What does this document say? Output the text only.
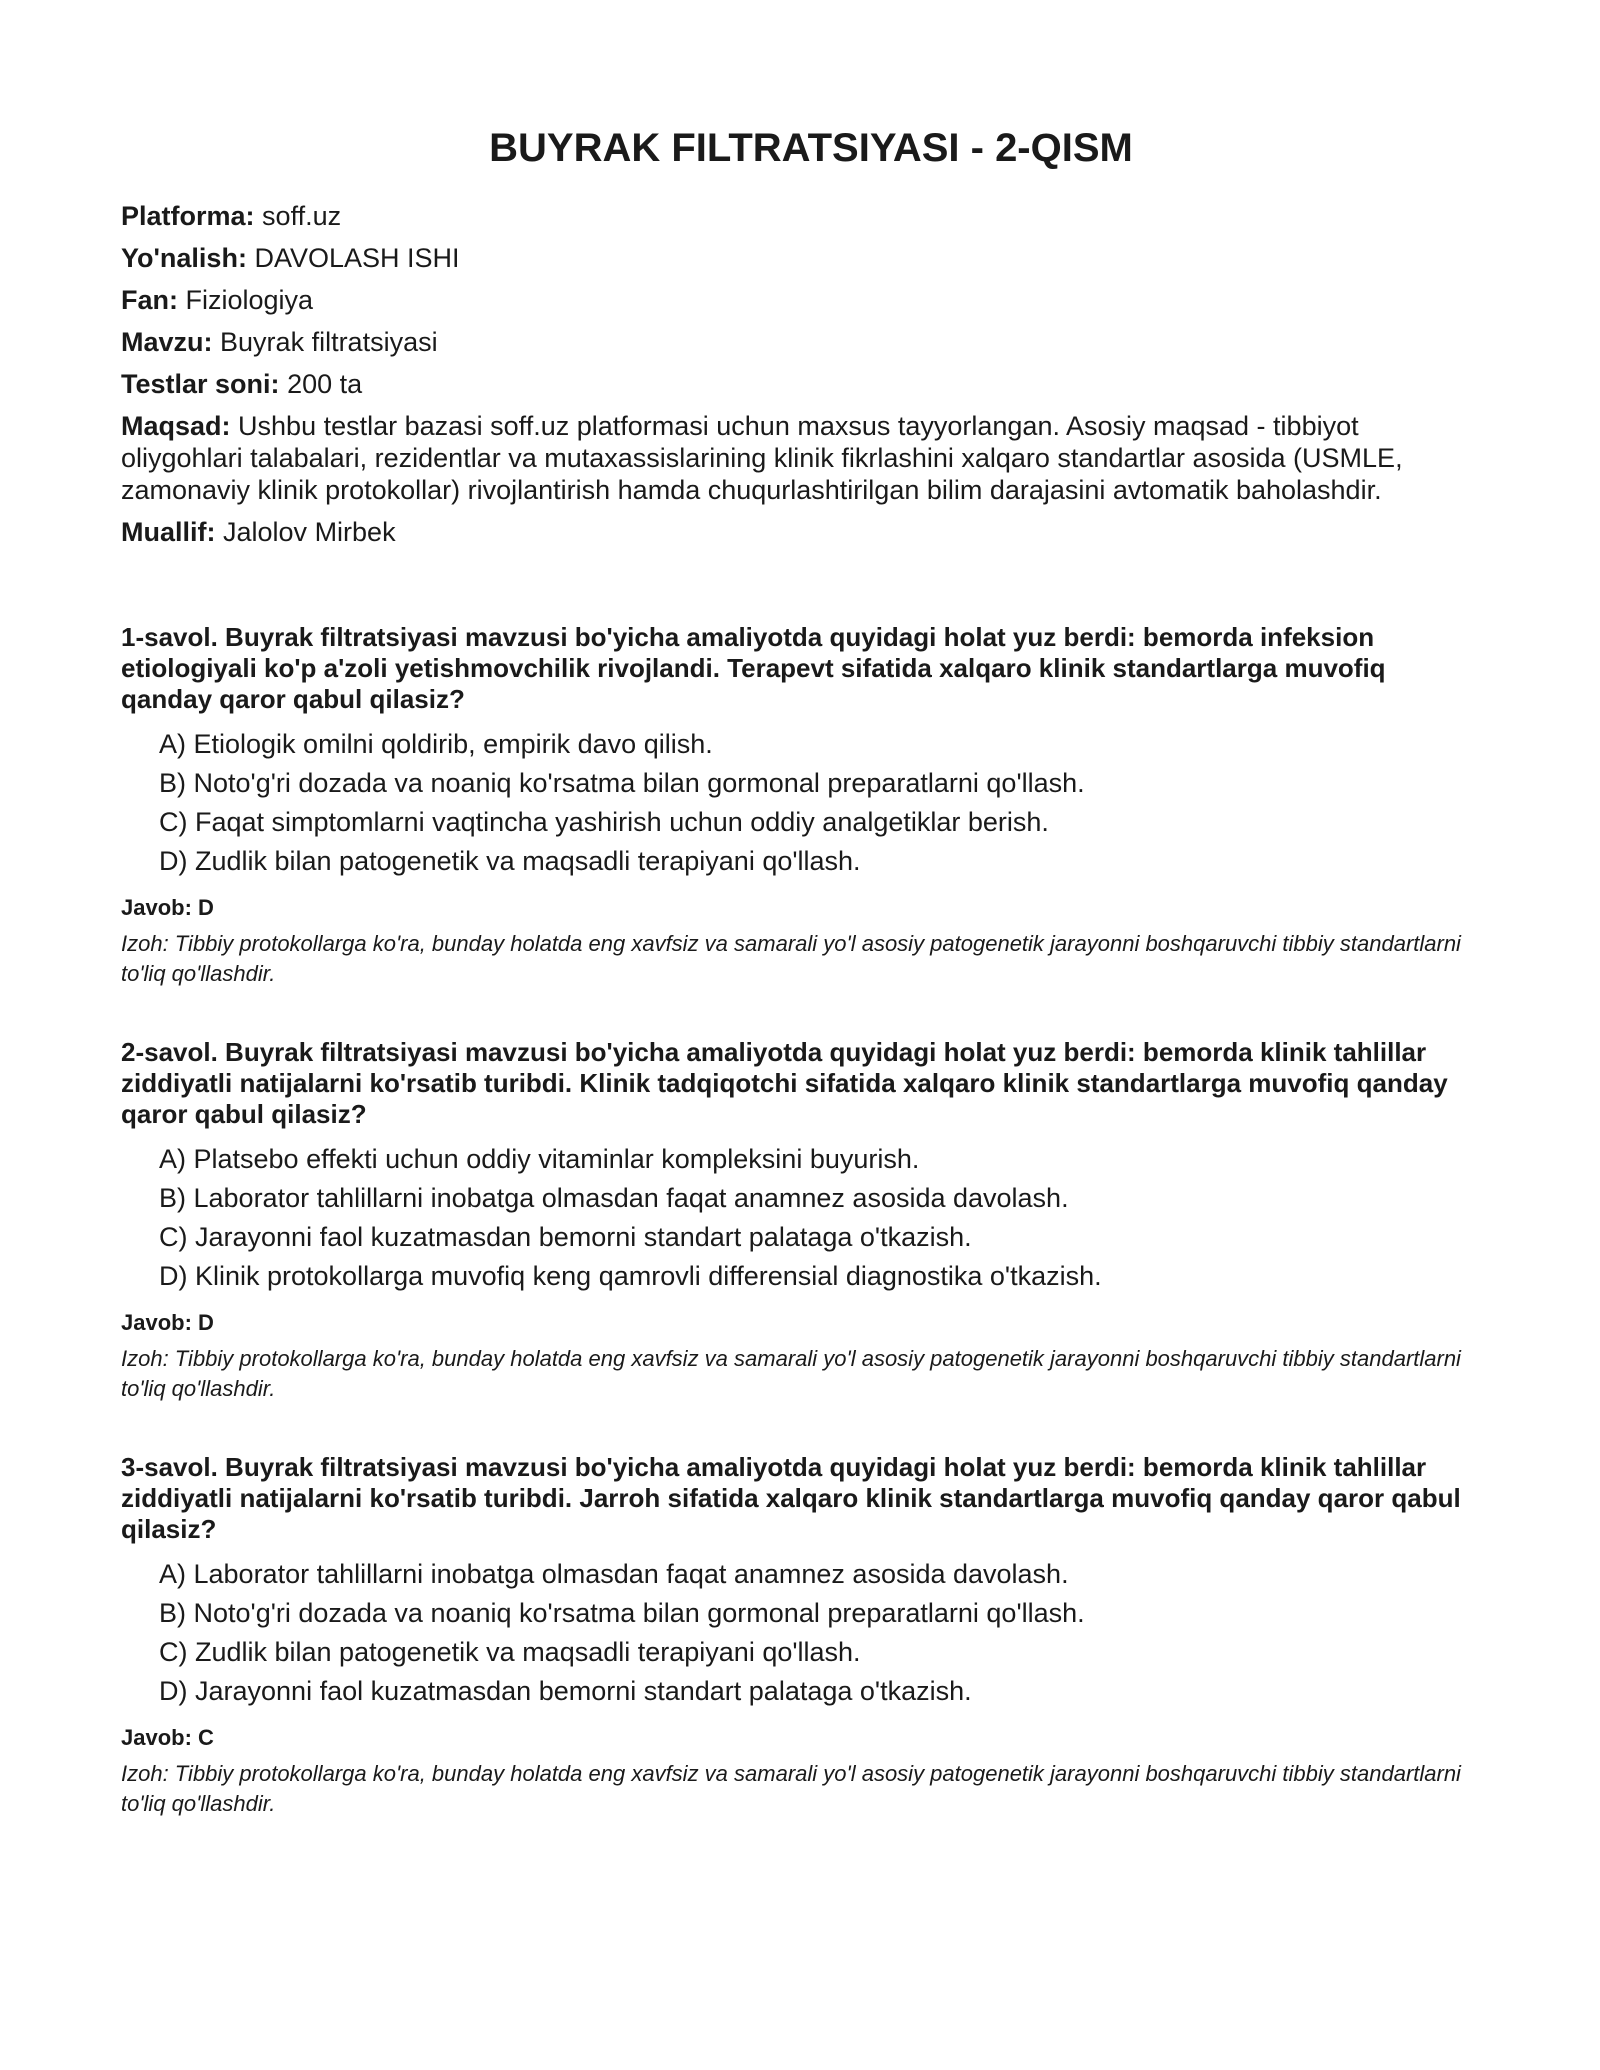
BUYRAK FILTRATSIYASI - 2-QISM

Platforma: soff.uz

Yo'nalish: DAVOLASH ISHI

Fan: Fiziologiya

Mavzu: Buyrak filtratsiyasi

Testlar soni: 200 ta

Maqsad: Ushbu testlar bazasi soff.uz platformasi uchun maxsus tayyorlangan. Asosiy maqsad - tibbiyot oliygohlari talabalari, rezidentlar va mutaxassislarining klinik fikrlashini xalqaro standartlar asosida (USMLE, zamonaviy klinik protokollar) rivojlantirish hamda chuqurlashtirilgan bilim darajasini avtomatik baholashdir.

Muallif: Jalolov Mirbek

1-savol. Buyrak filtratsiyasi mavzusi bo'yicha amaliyotda quyidagi holat yuz berdi: bemorda infeksion etiologiyali ko'p a'zoli yetishmovchilik rivojlandi. Terapevt sifatida xalqaro klinik standartlarga muvofiq qanday qaror qabul qilasiz?

A) Etiologik omilni qoldirib, empirik davo qilish.
B) Noto'g'ri dozada va noaniq ko'rsatma bilan gormonal preparatlarni qo'llash.
C) Faqat simptomlarni vaqtincha yashirish uchun oddiy analgetiklar berish.
D) Zudlik bilan patogenetik va maqsadli terapiyani qo'llash.

Javob: D

Izoh: Tibbiy protokollarga ko'ra, bunday holatda eng xavfsiz va samarali yo'l asosiy patogenetik jarayonni boshqaruvchi tibbiy standartlarni to'liq qo'llashdir.

2-savol. Buyrak filtratsiyasi mavzusi bo'yicha amaliyotda quyidagi holat yuz berdi: bemorda klinik tahlillar ziddiyatli natijalarni ko'rsatib turibdi. Klinik tadqiqotchi sifatida xalqaro klinik standartlarga muvofiq qanday qaror qabul qilasiz?

A) Platsebo effekti uchun oddiy vitaminlar kompleksini buyurish.
B) Laborator tahlillarni inobatga olmasdan faqat anamnez asosida davolash.
C) Jarayonni faol kuzatmasdan bemorni standart palataga o'tkazish.
D) Klinik protokollarga muvofiq keng qamrovli differensial diagnostika o'tkazish.

Javob: D

Izoh: Tibbiy protokollarga ko'ra, bunday holatda eng xavfsiz va samarali yo'l asosiy patogenetik jarayonni boshqaruvchi tibbiy standartlarni to'liq qo'llashdir.

3-savol. Buyrak filtratsiyasi mavzusi bo'yicha amaliyotda quyidagi holat yuz berdi: bemorda klinik tahlillar ziddiyatli natijalarni ko'rsatib turibdi. Jarroh sifatida xalqaro klinik standartlarga muvofiq qanday qaror qabul qilasiz?

A) Laborator tahlillarni inobatga olmasdan faqat anamnez asosida davolash.
B) Noto'g'ri dozada va noaniq ko'rsatma bilan gormonal preparatlarni qo'llash.
C) Zudlik bilan patogenetik va maqsadli terapiyani qo'llash.
D) Jarayonni faol kuzatmasdan bemorni standart palataga o'tkazish.

Javob: C

Izoh: Tibbiy protokollarga ko'ra, bunday holatda eng xavfsiz va samarali yo'l asosiy patogenetik jarayonni boshqaruvchi tibbiy standartlarni to'liq qo'llashdir.
